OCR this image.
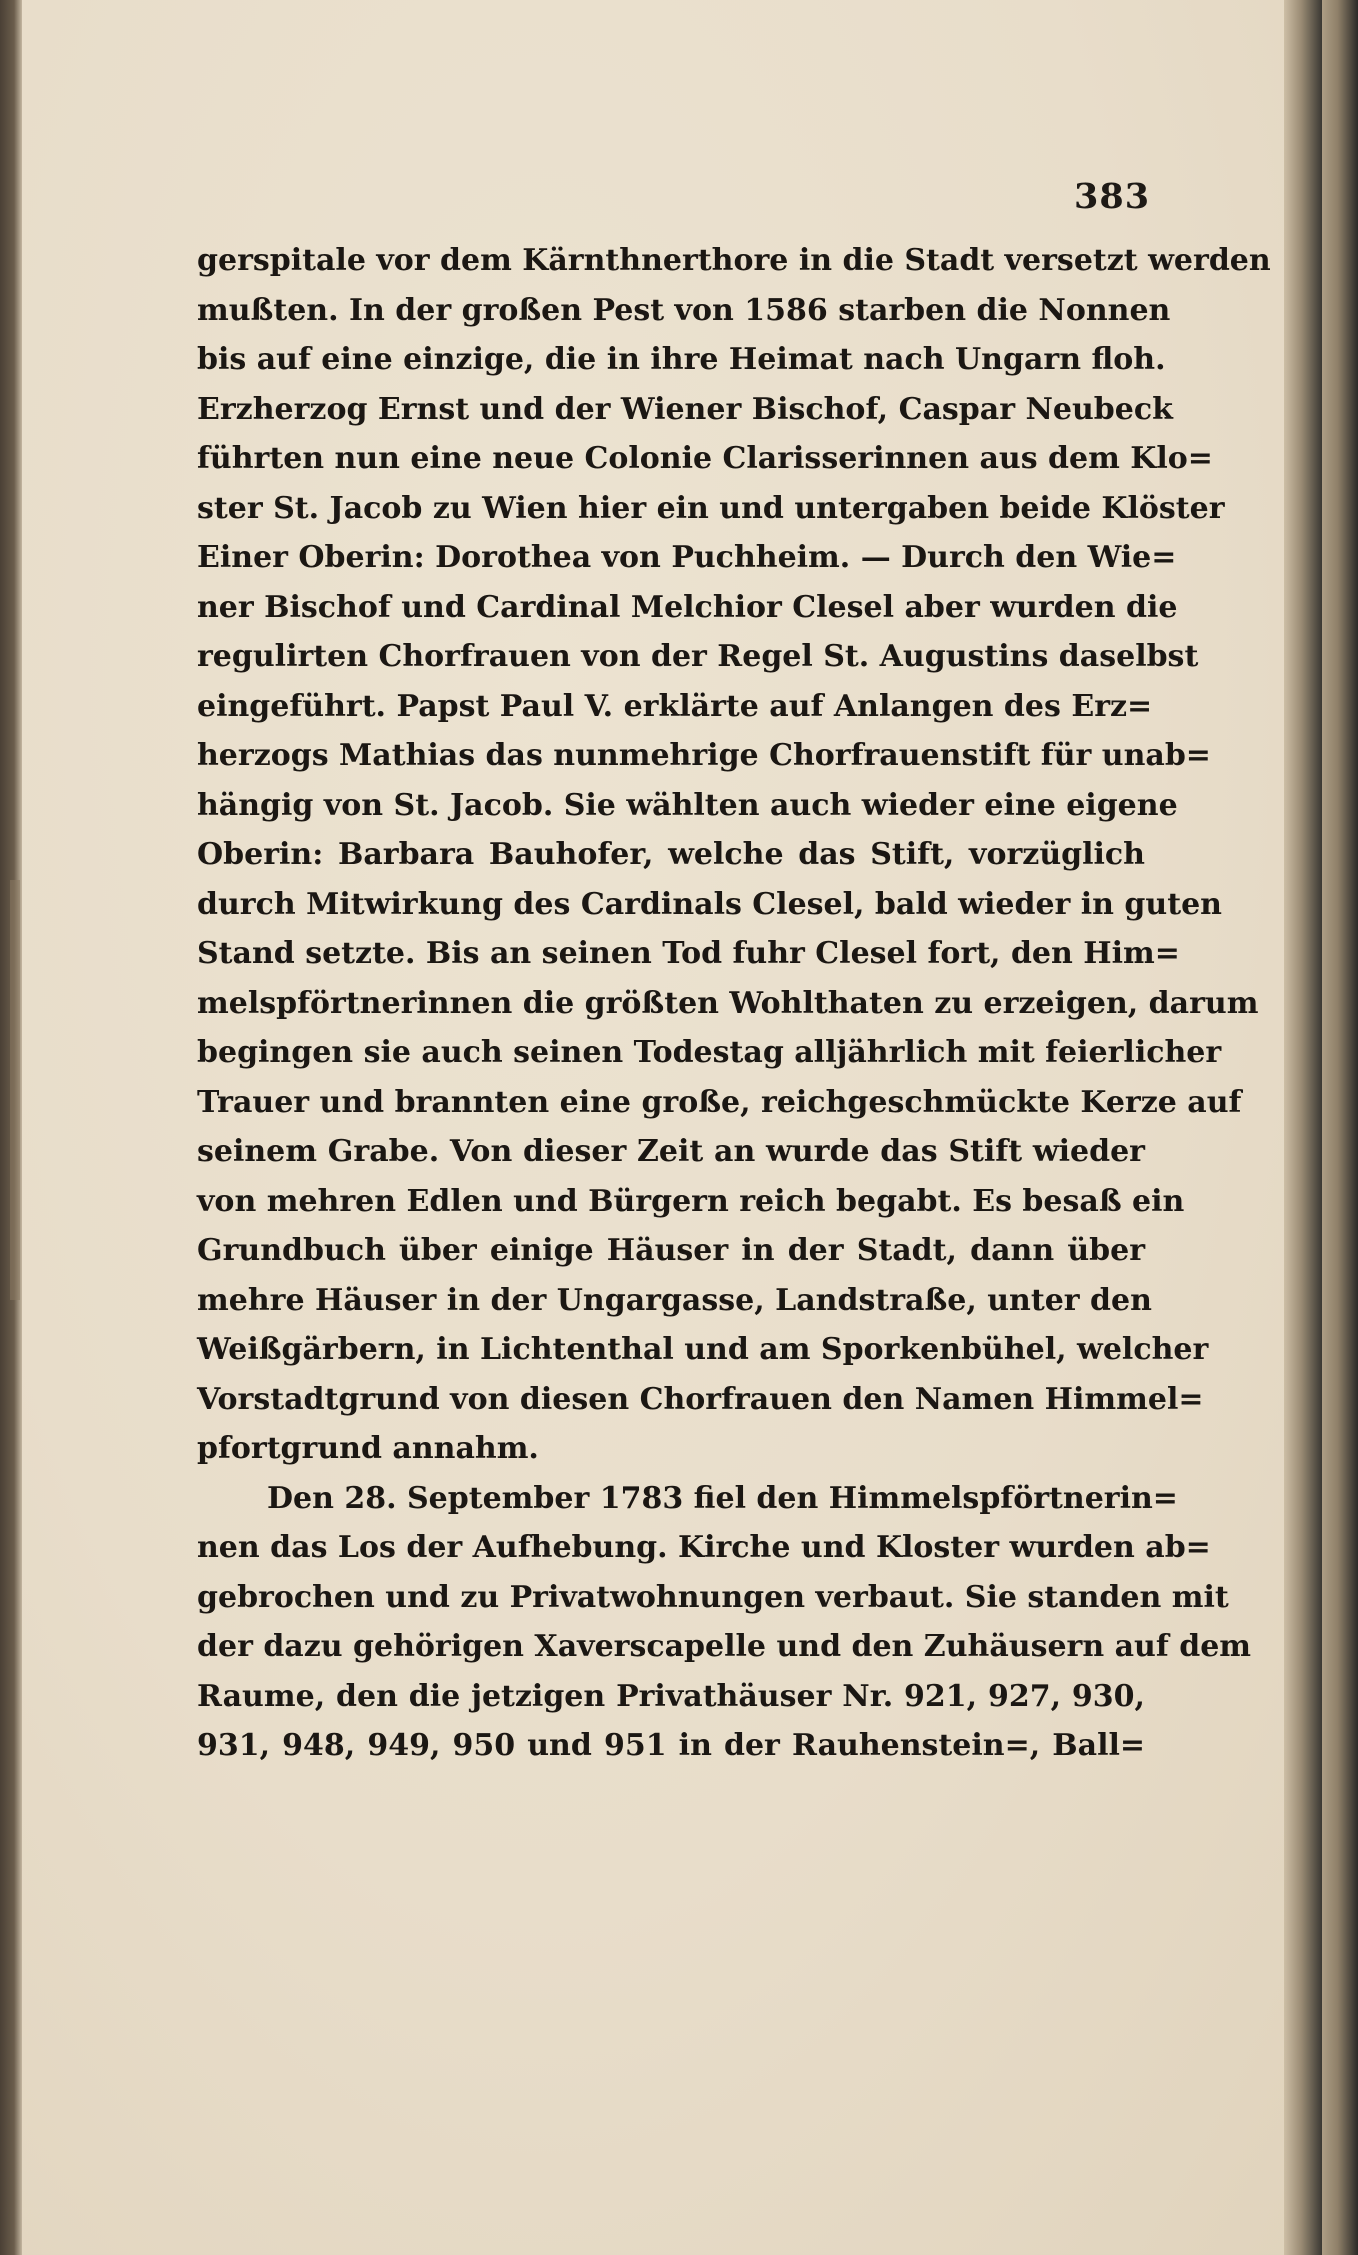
383
gerspitale vor dem Kärnthnerthore in die Stadt versetzt werden
mußten. In der großen Pest von 1586 starben die Nonnen
bis auf eine einzige, die in ihre Heimat nach Ungarn floh.
Erzherzog Ernst und der Wiener Bischof, Caspar Neubeck
führten nun eine neue Colonie Clarisserinnen aus dem Klo=
ster St. Jacob zu Wien hier ein und untergaben beide Klöster
Einer Oberin: Dorothea von Puchheim. — Durch den Wie=
ner Bischof und Cardinal Melchior Clesel aber wurden die
regulirten Chorfrauen von der Regel St. Augustins daselbst
eingeführt. Papst Paul V. erklärte auf Anlangen des Erz=
herzogs Mathias das nunmehrige Chorfrauenstift für unab=
hängig von St. Jacob. Sie wählten auch wieder eine eigene
Oberin: Barbara Bauhofer, welche das Stift, vorzüglich
durch Mitwirkung des Cardinals Clesel, bald wieder in guten
Stand setzte. Bis an seinen Tod fuhr Clesel fort, den Him=
melspförtnerinnen die größten Wohlthaten zu erzeigen, darum
begingen sie auch seinen Todestag alljährlich mit feierlicher
Trauer und brannten eine große, reichgeschmückte Kerze auf
seinem Grabe. Von dieser Zeit an wurde das Stift wieder
von mehren Edlen und Bürgern reich begabt. Es besaß ein
Grundbuch über einige Häuser in der Stadt, dann über
mehre Häuser in der Ungargasse, Landstraße, unter den
Weißgärbern, in Lichtenthal und am Sporkenbühel, welcher
Vorstadtgrund von diesen Chorfrauen den Namen Himmel=
pfortgrund annahm.
Den 28. September 1783 fiel den Himmelspförtnerin=
nen das Los der Aufhebung. Kirche und Kloster wurden ab=
gebrochen und zu Privatwohnungen verbaut. Sie standen mit
der dazu gehörigen Xaverscapelle und den Zuhäusern auf dem
Raume, den die jetzigen Privathäuser Nr. 921, 927, 930,
931, 948, 949, 950 und 951 in der Rauhenstein=, Ball=
